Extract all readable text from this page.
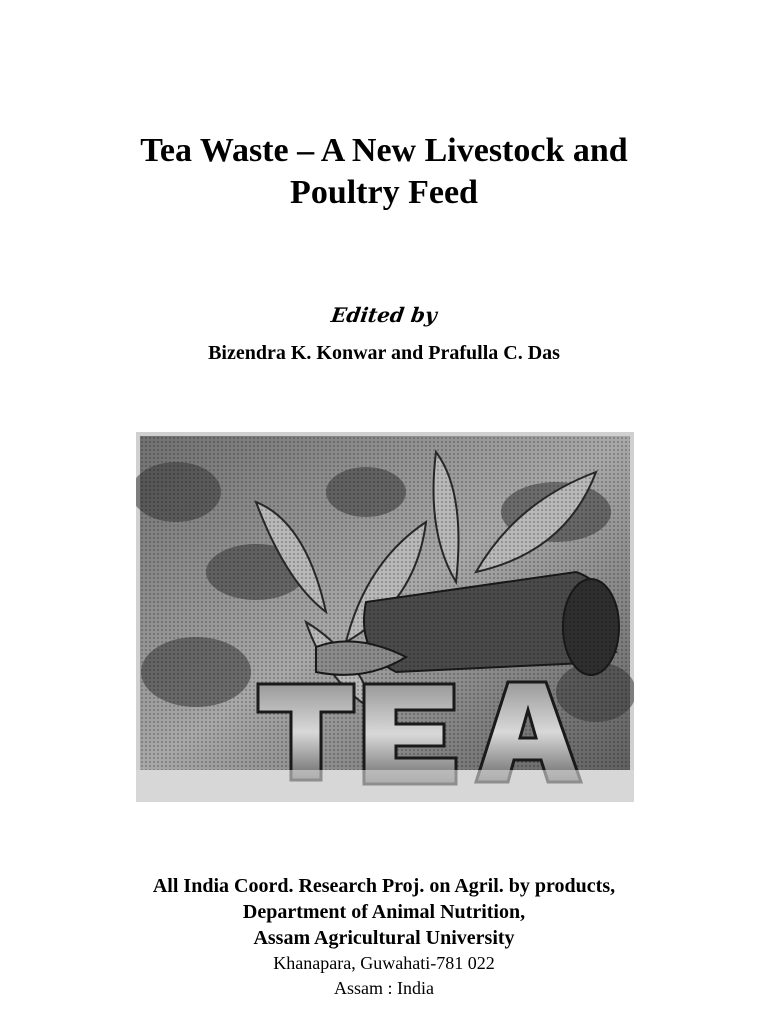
Tea Waste – A New Livestock and
Poultry Feed
Edited by
Bizendra K. Konwar and Prafulla C. Das
All India Coord. Research Proj. on Agril. by products,
Department of Animal Nutrition,
Assam Agricultural University
Khanapara, Guwahati-781 022
Assam : India
